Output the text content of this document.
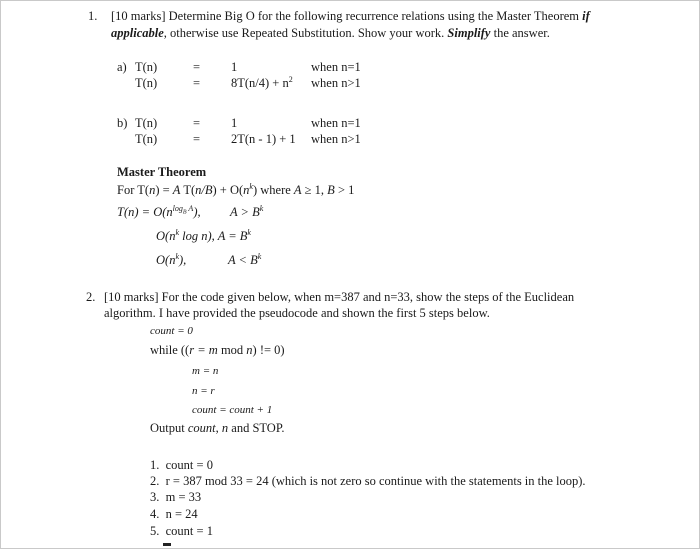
1. [10 marks] Determine Big O for the following recurrence relations using the Master Theorem if
applicable, otherwise use Repeated Substitution. Show your work. Simplify the answer.
a) T(n)	= 1	when n=1
T(n)	= $8T(n/4) + n^2$ when n>1
b) T(n)	= 1	when n=1
T(n)	= 2T(n - 1) + 1 when n>1
Master Theorem
For T(n) = A $T(n/B) + O(n^k)$ where A ≥ 1, B > 1
$T(n) = O(n^{log_B A})$, $A > B^k$
$O(n^k$ log n), $A = B^k$
$O(n^k)$,	$A < B^k$
2. [10 marks] For the code given below, when m=387 and n=33, show the steps of the Euclidean
algorithm. I have provided the pseudocode and shown the first 5 steps below.
count = 0
while ((r = m mod n) != 0)
m = n
n = r
count = count + 1
Output count, n and STOP.
1. count = 0
2. r = 387 mod 33 = 24 (which is not zero so continue with the statements in the loop).
3. m = 33
4. n = 24
5. count = 1
